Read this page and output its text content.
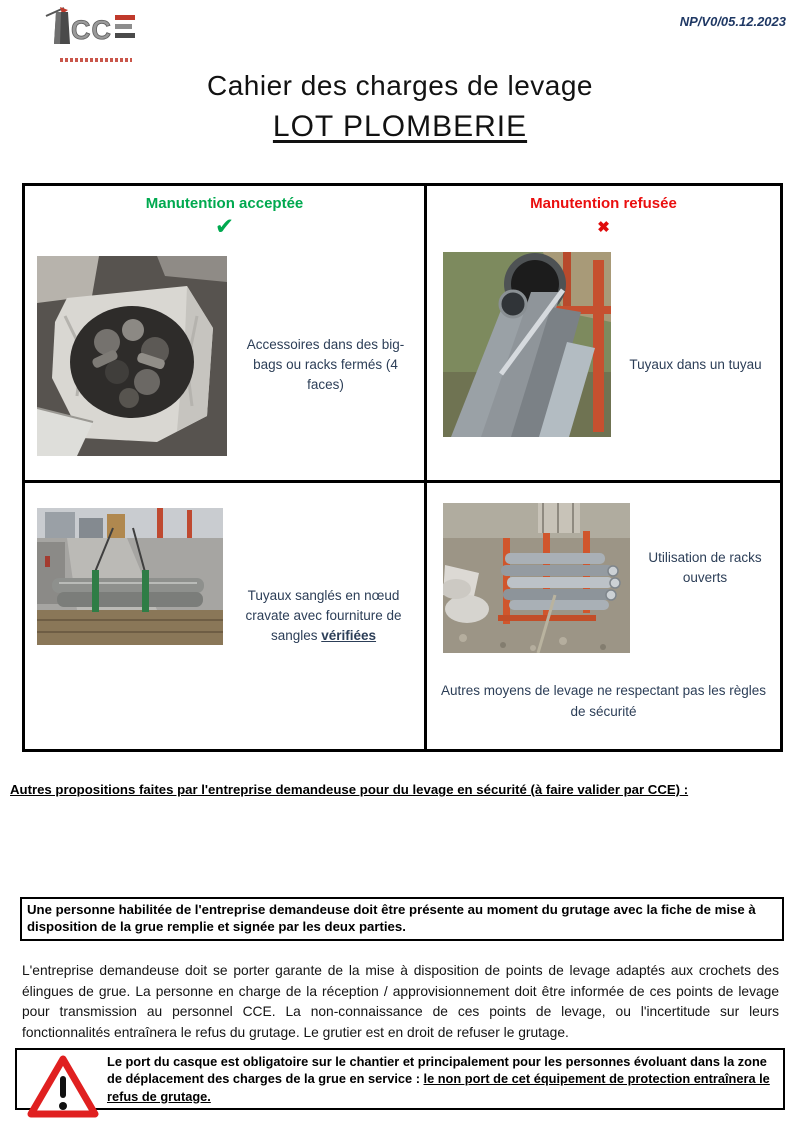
CC	NP/V0/05.12.2023
Cahier des charges de levage
LOT PLOMBERIE
Manutention acceptée
✔
Accessoires dans des big-bags ou racks fermés (4 faces)
Tuyaux sanglés en nœud cravate avec fourniture de sangles vérifiées
Manutention refusée
✖
Tuyaux dans un tuyau
Utilisation de racks ouverts
Autres moyens de levage ne respectant pas les règles de sécurité
Autres propositions faites par l'entreprise demandeuse pour du levage en sécurité (à faire valider par CCE) :
Une personne habilitée de l'entreprise demandeuse doit être présente au moment du grutage avec la fiche de mise à disposition de la grue remplie et signée par les deux parties.
L'entreprise demandeuse doit se porter garante de la mise à disposition de points de levage adaptés aux crochets des élingues de grue. La personne en charge de la réception / approvisionnement doit être informée de ces points de levage pour transmission au personnel CCE. La non-connaissance de ces points de levage, ou l'incertitude sur leurs fonctionnalités entraînera le refus du grutage. Le grutier est en droit de refuser le grutage.
Le port du casque est obligatoire sur le chantier et principalement pour les personnes évoluant dans la zone de déplacement des charges de la grue en service : le non port de cet équipement de protection entraînera le refus de grutage.
